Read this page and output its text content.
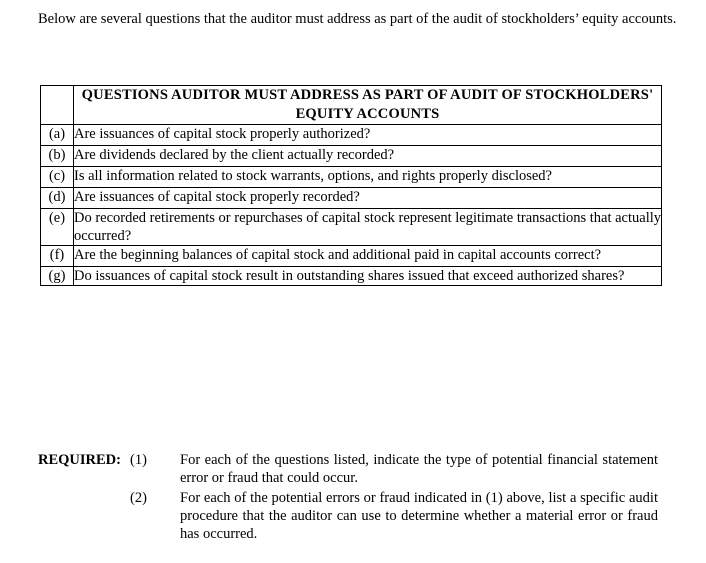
Below are several questions that the auditor must address as part of the audit of stockholders’ equity accounts.
	QUESTIONS AUDITOR MUST ADDRESS AS PART OF AUDIT OF STOCKHOLDERS' EQUITY ACCOUNTS
(a)	Are issuances of capital stock properly authorized?
(b)	Are dividends declared by the client actually recorded?
(c)	Is all information related to stock warrants, options, and rights properly disclosed?
(d)	Are issuances of capital stock properly recorded?
(e)	Do recorded retirements or repurchases of capital stock represent legitimate transactions that actually occurred?
(f)	Are the beginning balances of capital stock and additional paid in capital accounts correct?
(g)	Do issuances of capital stock result in outstanding shares issued that exceed authorized shares?
REQUIRED: (1)	For each of the questions listed, indicate the type of potential financial statement error or fraud that could occur.
(2)	For each of the potential errors or fraud indicated in (1) above, list a specific audit procedure that the auditor can use to determine whether a material error or fraud has occurred.
